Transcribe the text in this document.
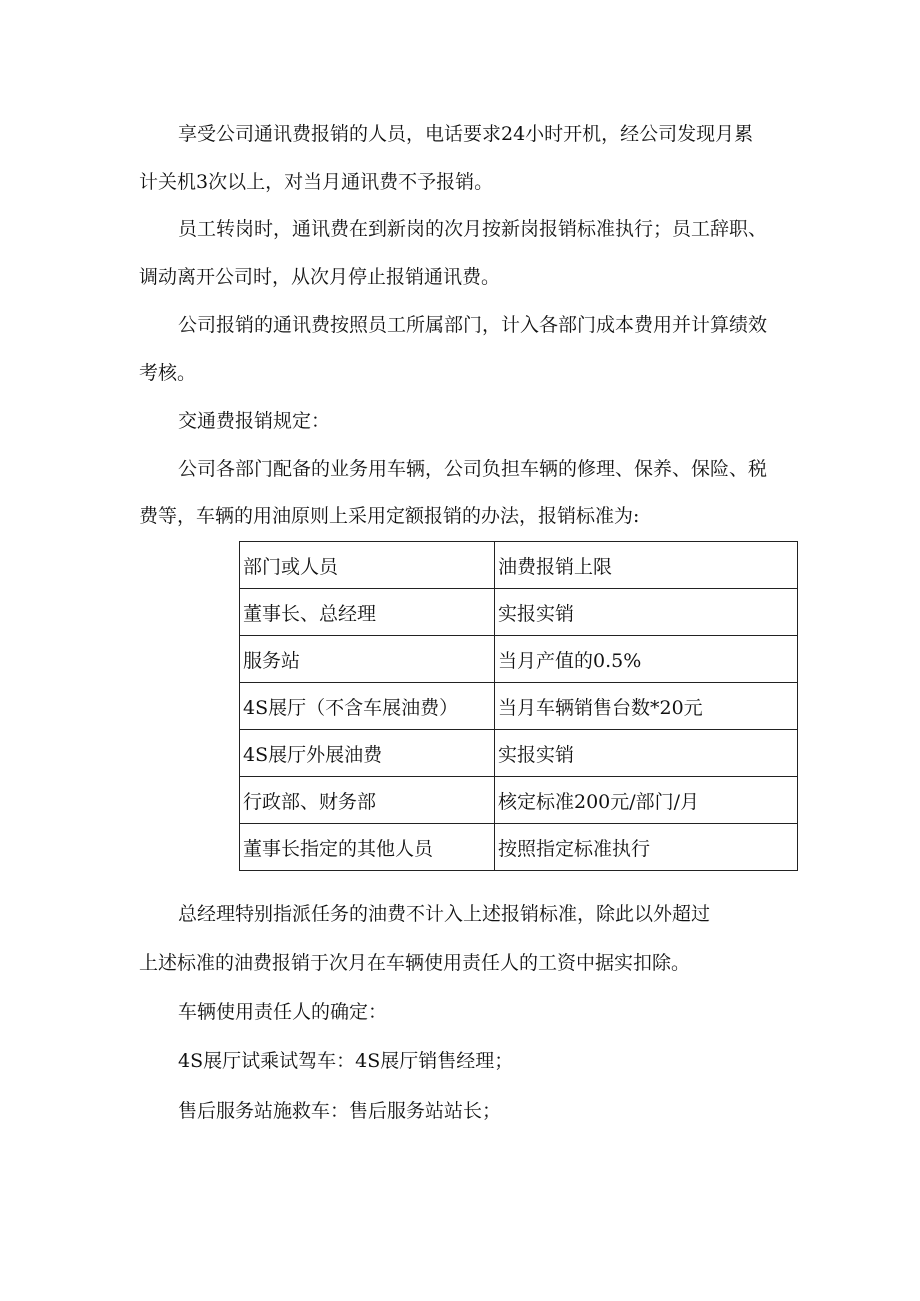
享受公司通讯费报销的人员，电话要求24小时开机，经公司发现月累

计关机3次以上，对当月通讯费不予报销。

员工转岗时，通讯费在到新岗的次月按新岗报销标准执行；员工辞职、

调动离开公司时，从次月停止报销通讯费。

公司报销的通讯费按照员工所属部门，计入各部门成本费用并计算绩效

考核。

交通费报销规定：

公司各部门配备的业务用车辆，公司负担车辆的修理、保养、保险、税

费等，车辆的用油原则上采用定额报销的办法，报销标准为:

部门或人员	油费报销上限
董事长、总经理	实报实销
服务站	当月产值的0.5%
4S展厅（不含车展油费）	当月车辆销售台数*20元
4S展厅外展油费	实报实销
行政部、财务部	核定标准200元/部门/月
董事长指定的其他人员	按照指定标准执行

总经理特别指派任务的油费不计入上述报销标准，除此以外超过

上述标准的油费报销于次月在车辆使用责任人的工资中据实扣除。

车辆使用责任人的确定：

4S展厅试乘试驾车：4S展厅销售经理；

售后服务站施救车：售后服务站站长；
